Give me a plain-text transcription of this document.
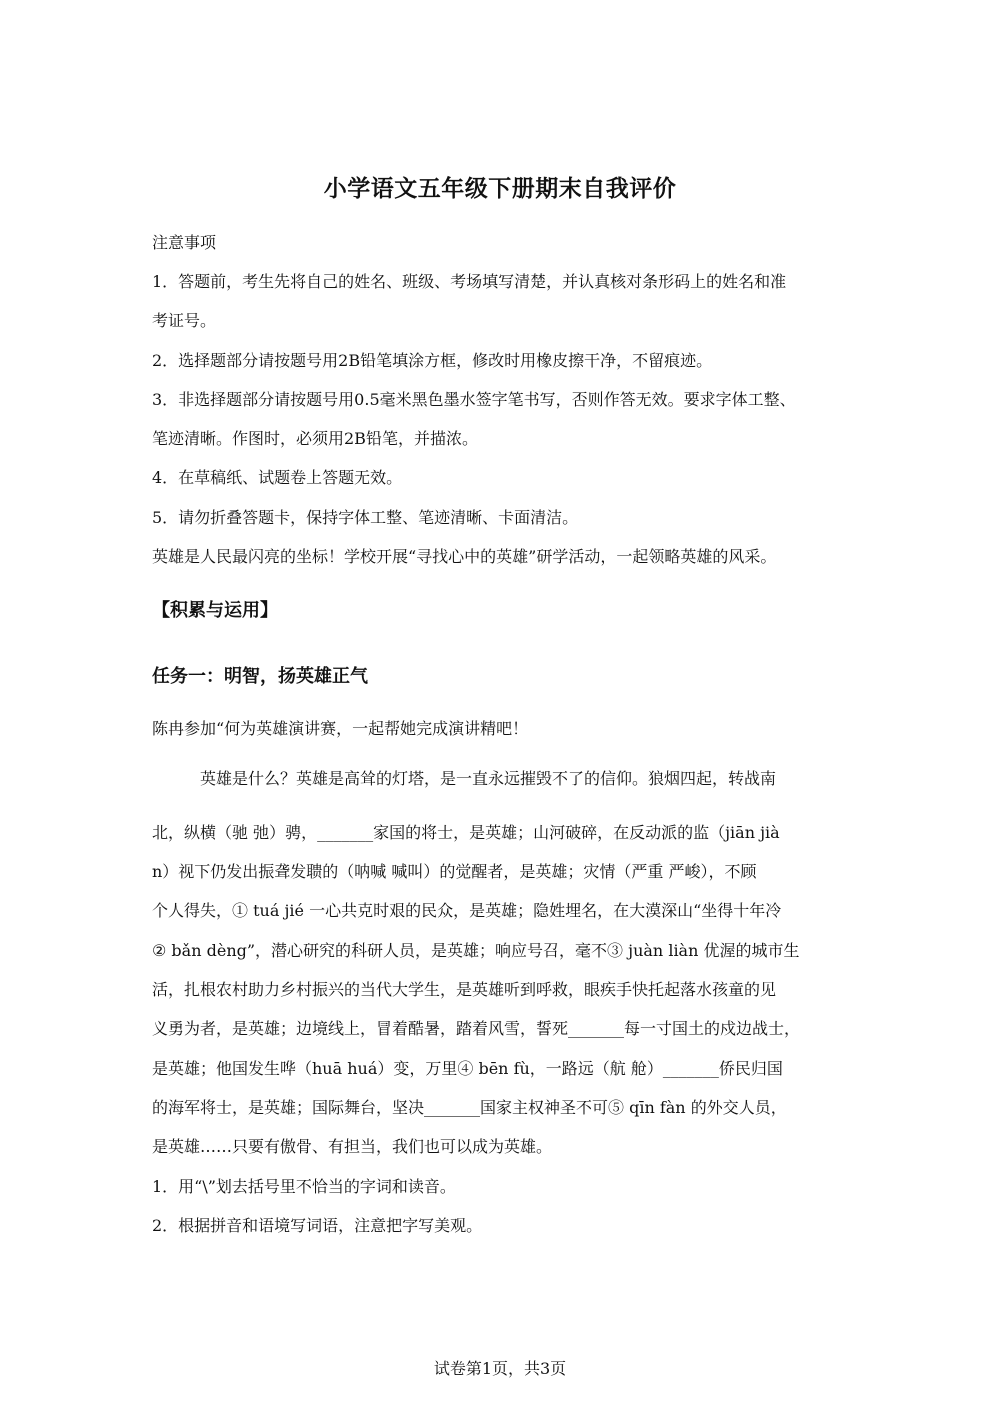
小学语文五年级下册期末自我评价
注意事项
1．答题前，考生先将自己的姓名、班级、考场填写清楚，并认真核对条形码上的姓名和准
考证号。
2．选择题部分请按题号用2B铅笔填涂方框，修改时用橡皮擦干净，不留痕迹。
3．非选择题部分请按题号用0.5毫米黑色墨水签字笔书写，否则作答无效。要求字体工整、
笔迹清晰。作图时，必须用2B铅笔，并描浓。
4．在草稿纸、试题卷上答题无效。
5．请勿折叠答题卡，保持字体工整、笔迹清晰、卡面清洁。
英雄是人民最闪亮的坐标！学校开展“寻找心中的英雄”研学活动，一起领略英雄的风采。
【积累与运用】
任务一：明智，扬英雄正气
陈冉参加“何为英雄演讲赛，一起帮她完成演讲精吧！
英雄是什么？英雄是高耸的灯塔，是一直永远摧毁不了的信仰。狼烟四起，转战南
北，纵横（驰 弛）骋，_______家国的将士，是英雄；山河破碎，在反动派的监（jiān jià
n）视下仍发出振聋发聩的（呐喊 喊叫）的觉醒者，是英雄；灾情（严重 严峻），不顾
个人得失，① tuá jié 一心共克时艰的民众，是英雄；隐姓埋名，在大漠深山“坐得十年冷
② bǎn dèng”，潜心研究的科研人员，是英雄；响应号召，毫不③ juàn liàn 优渥的城市生
活，扎根农村助力乡村振兴的当代大学生，是英雄听到呼救，眼疾手快托起落水孩童的见
义勇为者，是英雄；边境线上，冒着酷暑，踏着风雪，誓死_______每一寸国土的戍边战士，
是英雄；他国发生哗（huā huá）变，万里④ bēn fù，一路远（航 舱）_______侨民归国
的海军将士，是英雄；国际舞台，坚决_______国家主权神圣不可⑤ qīn fàn 的外交人员，
是英雄……只要有傲骨、有担当，我们也可以成为英雄。
1．用“\”划去括号里不恰当的字词和读音。
2．根据拼音和语境写词语，注意把字写美观。
试卷第1页，共3页
